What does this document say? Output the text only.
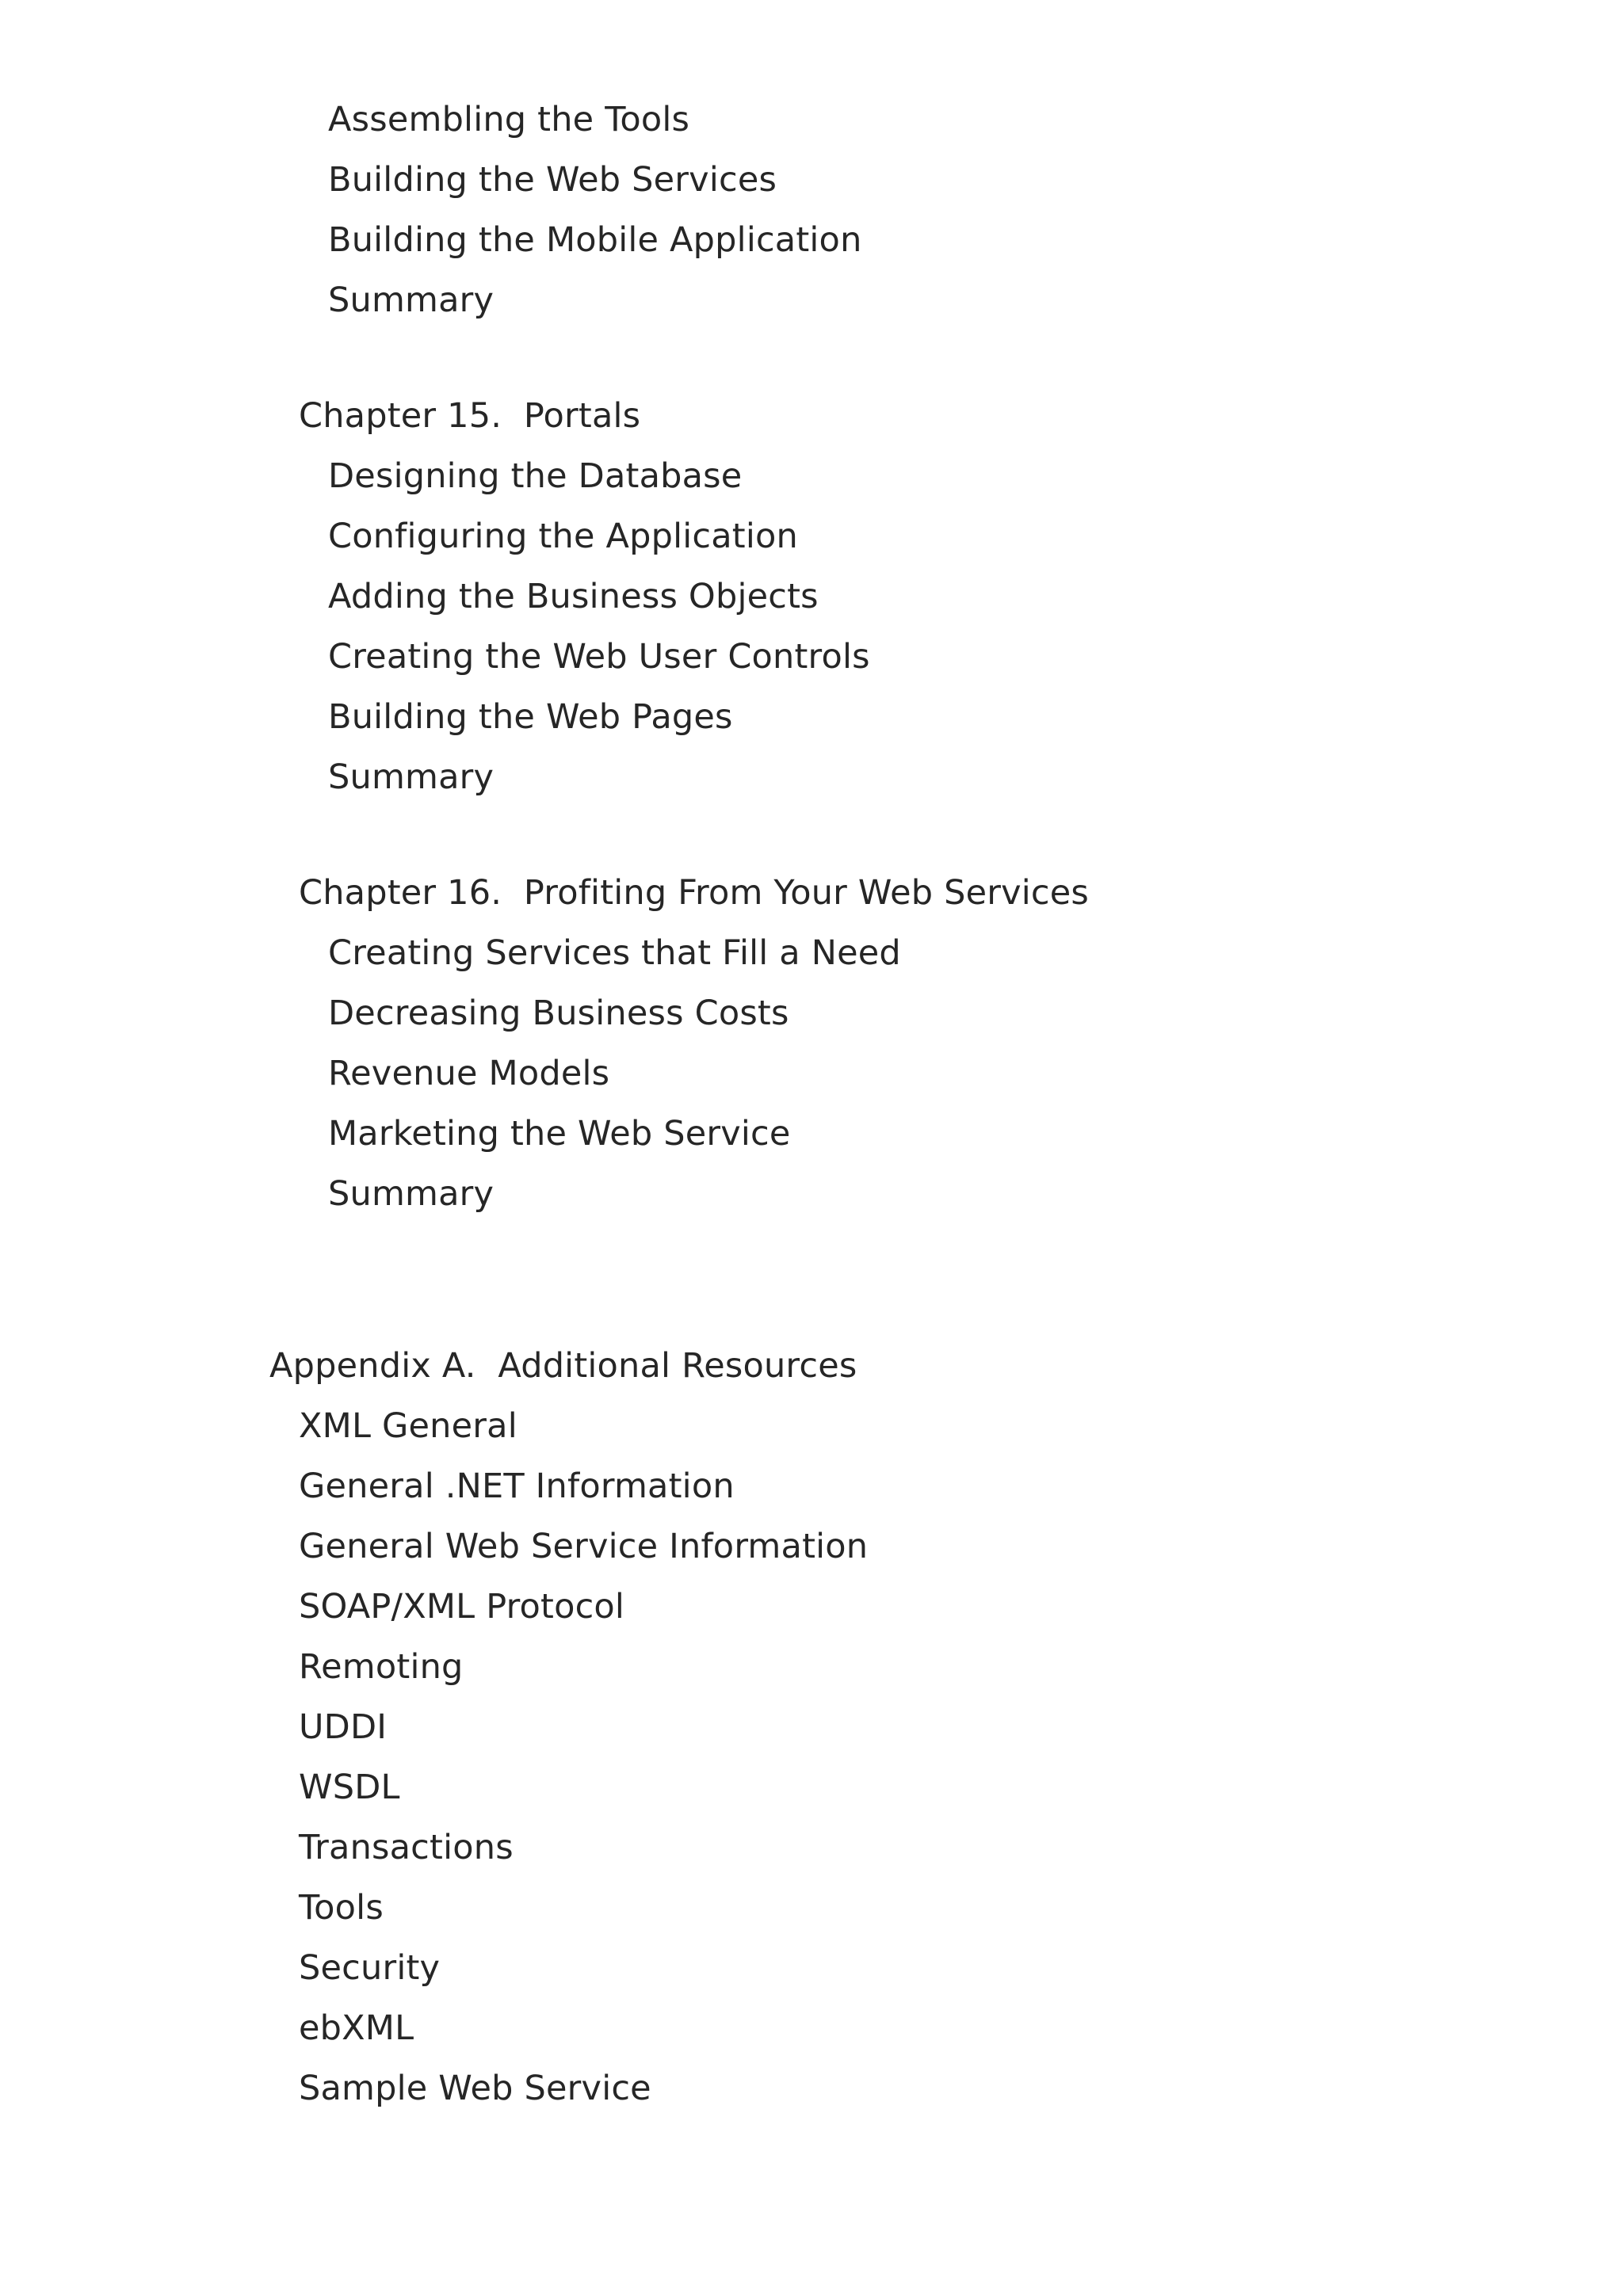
Assembling the Tools
Building the Web Services
Building the Mobile Application
Summary
Chapter 15.  Portals
Designing the Database
Configuring the Application
Adding the Business Objects
Creating the Web User Controls
Building the Web Pages
Summary
Chapter 16.  Profiting From Your Web Services
Creating Services that Fill a Need
Decreasing Business Costs
Revenue Models
Marketing the Web Service
Summary
Appendix A.  Additional Resources
XML General
General .NET Information
General Web Service Information
SOAP/XML Protocol
Remoting
UDDI
WSDL
Transactions
Tools
Security
ebXML
Sample Web Service
